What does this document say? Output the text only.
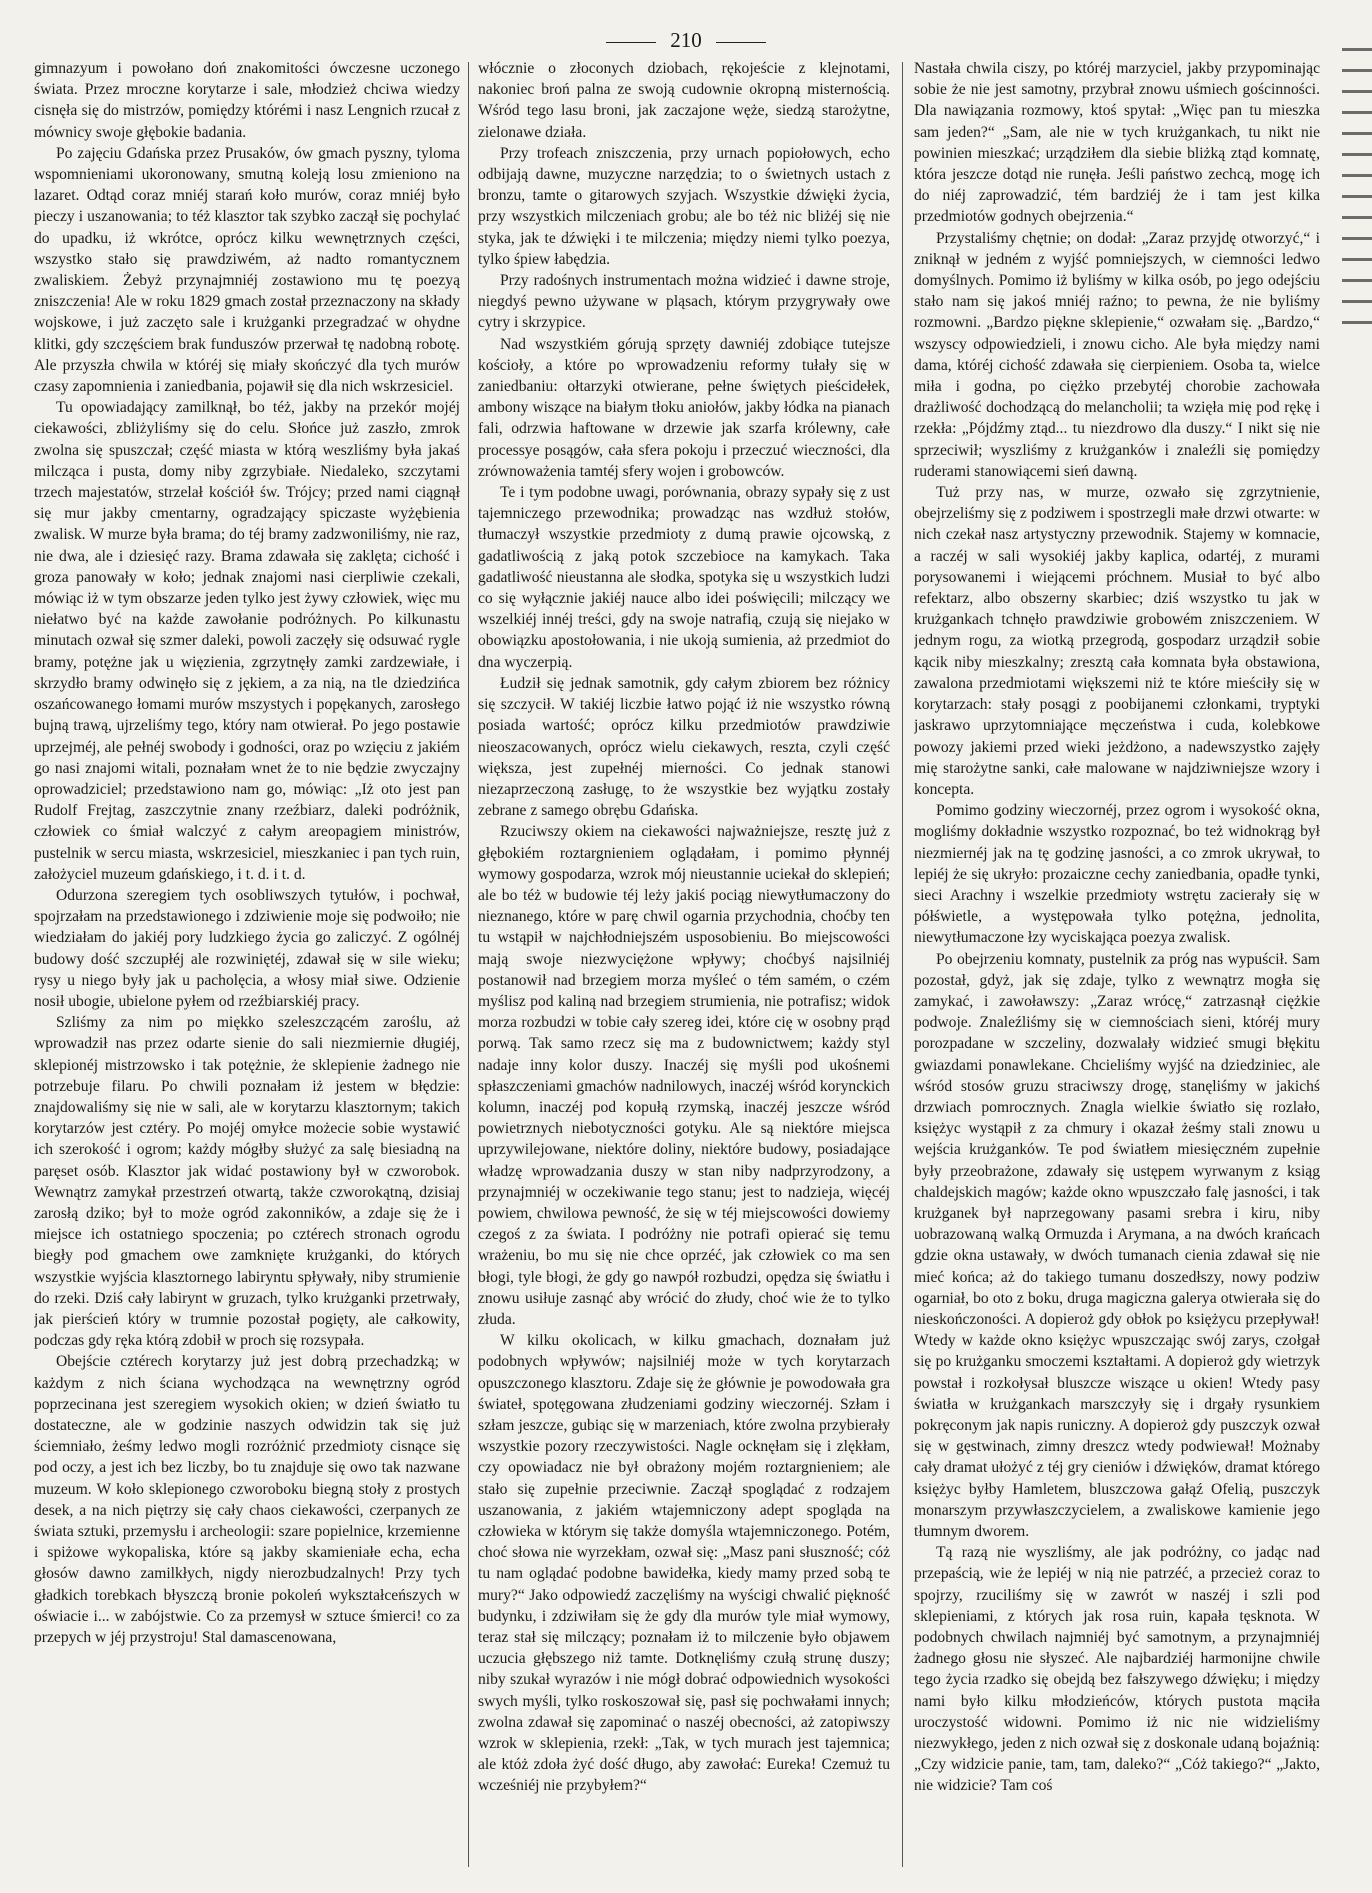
210

gimnazyum i powołano doń znakomitości ówczesne uczonego świata. Przez mroczne korytarze i sale, młodzież chciwa wiedzy cisnęła się do mistrzów, pomiędzy którémi i nasz Lengnich rzucał z mównicy swoje głębokie badania.

Po zajęciu Gdańska przez Prusaków, ów gmach pyszny, tyloma wspomnieniami ukoronowany, smutną koleją losu zmieniono na lazaret. Odtąd coraz mniéj starań koło murów, coraz mniéj było pieczy i uszanowania; to téż klasztor tak szybko zaczął się pochylać do upadku, iż wkrótce, oprócz kilku wewnętrznych części, wszystko stało się prawdziwém, aż nadto romantycznem zwaliskiem. Żebyż przynajmniéj zostawiono mu tę poezyą zniszczenia! Ale w roku 1829 gmach został przeznaczony na składy wojskowe, i już zaczęto sale i krużganki przegradzać w ohydne klitki, gdy szczęściem brak funduszów przerwał tę nadobną robotę. Ale przyszła chwila w któréj się miały skończyć dla tych murów czasy zapomnienia i zaniedbania, pojawił się dla nich wskrzesiciel.

Tu opowiadający zamilknął, bo téż, jakby na przekór mojéj ciekawości, zbliżyliśmy się do celu. Słońce już zaszło, zmrok zwolna się spuszczał; część miasta w którą weszliśmy była jakaś milcząca i pusta, domy niby zgrzybiałe. Niedaleko, szczytami trzech majestatów, strzelał kościół św. Trójcy; przed nami ciągnął się mur jakby cmentarny, ogradzający spiczaste wyżębienia zwalisk. W murze była brama; do téj bramy zadzwoniliśmy, nie raz, nie dwa, ale i dziesięć razy. Brama zdawała się zaklęta; cichość i groza panowały w koło; jednak znajomi nasi cierpliwie czekali, mówiąc iż w tym obszarze jeden tylko jest żywy człowiek, więc mu niełatwo być na każde zawołanie podróżnych. Po kilkunastu minutach ozwał się szmer daleki, powoli zaczęły się odsuwać rygle bramy, potężne jak u więzienia, zgrzytnęły zamki zardzewiałe, i skrzydło bramy odwinęło się z jękiem, a za nią, na tle dziedzińca oszańcowanego łomami murów mszystych i popękanych, zarosłego bujną trawą, ujrzeliśmy tego, który nam otwierał. Po jego postawie uprzejméj, ale pełnéj swobody i godności, oraz po wzięciu z jakiém go nasi znajomi witali, poznałam wnet że to nie będzie zwyczajny oprowadziciel; przedstawiono nam go, mówiąc: „Iż oto jest pan Rudolf Frejtag, zaszczytnie znany rzeźbiarz, daleki podróżnik, człowiek co śmiał walczyć z całym areopagiem ministrów, pustelnik w sercu miasta, wskrzesiciel, mieszkaniec i pan tych ruin, założyciel muzeum gdańskiego, i t. d. i t. d.

Odurzona szeregiem tych osobliwszych tytułów, i pochwał, spojrzałam na przedstawionego i zdziwienie moje się podwoiło; nie wiedziałam do jakiéj pory ludzkiego życia go zaliczyć. Z ogólnéj budowy dość szczupłéj ale rozwiniętéj, zdawał się w sile wieku; rysy u niego były jak u pacholęcia, a włosy miał siwe. Odzienie nosił ubogie, ubielone pyłem od rzeźbiarskiéj pracy.

Szliśmy za nim po miękko szeleszczącém zaroślu, aż wprowadził nas przez odarte sienie do sali niezmiernie długiéj, sklepionéj mistrzowsko i tak potężnie, że sklepienie żadnego nie potrzebuje filaru. Po chwili poznałam iż jestem w błędzie: znajdowaliśmy się nie w sali, ale w korytarzu klasztornym; takich korytarzów jest cztéry. Po mojéj omyłce możecie sobie wystawić ich szerokość i ogrom; każdy mógłby służyć za salę biesiadną na paręset osób. Klasztor jak widać postawiony był w czworobok. Wewnątrz zamykał przestrzeń otwartą, także czworokątną, dzisiaj zarosłą dziko; był to może ogród zakonników, a zdaje się że i miejsce ich ostatniego spoczenia; po cztérech stronach ogrodu biegły pod gmachem owe zamknięte krużganki, do których wszystkie wyjścia klasztornego labiryntu spływały, niby strumienie do rzeki. Dziś cały labirynt w gruzach, tylko krużganki przetrwały, jak pierścień który w trumnie pozostał pogięty, ale całkowity, podczas gdy ręka którą zdobił w proch się rozsypała.

Obejście cztérech korytarzy już jest dobrą przechadzką; w każdym z nich ściana wychodząca na wewnętrzny ogród poprzecinana jest szeregiem wysokich okien; w dzień światło tu dostateczne, ale w godzinie naszych odwidzin tak się już ściemniało, żeśmy ledwo mogli rozróżnić przedmioty cisnące się pod oczy, a jest ich bez liczby, bo tu znajduje się owo tak nazwane muzeum. W koło sklepionego czworoboku biegną stoły z prostych desek, a na nich piętrzy się cały chaos ciekawości, czerpanych ze świata sztuki, przemysłu i archeologii: szare popielnice, krzemienne i spiżowe wykopaliska, które są jakby skamieniałe echa, echa głosów dawno zamilkłych, nigdy nierozbudzalnych! Przy tych gładkich torebkach błyszczą bronie pokoleń wykształceńszych w oświacie i... w zabójstwie. Co za przemysł w sztuce śmierci! co za przepych w jéj przystroju! Stal damascenowana,

włócznie o złoconych dziobach, rękojeście z klejnotami, nakoniec broń palna ze swoją cudownie okropną misternością. Wśród tego lasu broni, jak zaczajone węże, siedzą starożytne, zielonawe działa.

Przy trofeach zniszczenia, przy urnach popiołowych, echo odbijają dawne, muzyczne narzędzia; to o świetnych ustach z bronzu, tamte o gitarowych szyjach. Wszystkie dźwięki życia, przy wszystkich milczeniach grobu; ale bo téż nic bliżéj się nie styka, jak te dźwięki i te milczenia; między niemi tylko poezya, tylko śpiew łabędzia.

Przy radośnych instrumentach można widzieć i dawne stroje, niegdyś pewno używane w pląsach, którym przygrywały owe cytry i skrzypice.

Nad wszystkiém górują sprzęty dawniéj zdobiące tutejsze kościoły, a które po wprowadzeniu reformy tułały się w zaniedbaniu: ołtarzyki otwierane, pełne świętych pieścidełek, ambony wiszące na białym tłoku aniołów, jakby łódka na pianach fali, odrzwia haftowane w drzewie jak szarfa królewny, całe processye posągów, cała sfera pokoju i przeczuć wieczności, dla zrównoważenia tamtéj sfery wojen i grobowców.

Te i tym podobne uwagi, porównania, obrazy sypały się z ust tajemniczego przewodnika; prowadząc nas wzdłuż stołów, tłumaczył wszystkie przedmioty z dumą prawie ojcowską, z gadatliwością z jaką potok szczebioce na kamykach. Taka gadatliwość nieustanna ale słodka, spotyka się u wszystkich ludzi co się wyłącznie jakiéj nauce albo idei poświęcili; milczący we wszelkiéj innéj treści, gdy na swoje natrafią, czują się niejako w obowiązku apostołowania, i nie ukoją sumienia, aż przedmiot do dna wyczerpią.

Łudził się jednak samotnik, gdy całym zbiorem bez różnicy się szczycił. W takiéj liczbie łatwo pojąć iż nie wszystko równą posiada wartość; oprócz kilku przedmiotów prawdziwie nieoszacowanych, oprócz wielu ciekawych, reszta, czyli część większa, jest zupełnéj mierności. Co jednak stanowi niezaprzeczoną zasługę, to że wszystkie bez wyjątku zostały zebrane z samego obrębu Gdańska.

Rzuciwszy okiem na ciekawości najważniejsze, resztę już z głębokiém roztargnieniem oglądałam, i pomimo płynnéj wymowy gospodarza, wzrok mój nieustannie uciekał do sklepień; ale bo téż w budowie téj leży jakiś pociąg niewytłumaczony do nieznanego, które w parę chwil ogarnia przychodnia, choćby ten tu wstąpił w najchłodniejszém usposobieniu. Bo miejscowości mają swoje niezwyciężone wpływy; choćbyś najsilniéj postanowił nad brzegiem morza myśleć o tém samém, o czém myślisz pod kaliną nad brzegiem strumienia, nie potrafisz; widok morza rozbudzi w tobie cały szereg idei, które cię w osobny prąd porwą. Tak samo rzecz się ma z budownictwem; każdy styl nadaje inny kolor duszy. Inaczéj się myśli pod ukośnemi spłaszczeniami gmachów nadnilowych, inaczéj wśród korynckich kolumn, inaczéj pod kopułą rzymską, inaczéj jeszcze wśród powietrznych niebotyczności gotyku. Ale są niektóre miejsca uprzywilejowane, niektóre doliny, niektóre budowy, posiadające władzę wprowadzania duszy w stan niby nadprzyrodzony, a przynajmniéj w oczekiwanie tego stanu; jest to nadzieja, więcéj powiem, chwilowa pewność, że się w téj miejscowości dowiemy czegoś z za świata. I podróżny nie potrafi opierać się temu wrażeniu, bo mu się nie chce oprzéć, jak człowiek co ma sen błogi, tyle błogi, że gdy go nawpół rozbudzi, opędza się światłu i znowu usiłuje zasnąć aby wrócić do złudy, choć wie że to tylko złuda.

W kilku okolicach, w kilku gmachach, doznałam już podobnych wpływów; najsilniéj może w tych korytarzach opuszczonego klasztoru. Zdaje się że głównie je powodowała gra świateł, spotęgowana złudzeniami godziny wieczornéj. Szłam i szłam jeszcze, gubiąc się w marzeniach, które zwolna przybierały wszystkie pozory rzeczywistości. Nagle ocknęłam się i zlękłam, czy opowiadacz nie był obrażony mojém roztargnieniem; ale stało się zupełnie przeciwnie. Zaczął spoglądać z rodzajem uszanowania, z jakiém wtajemniczony adept spogląda na człowieka w którym się także domyśla wtajemniczonego. Potém, choć słowa nie wyrzekłam, ozwał się: „Masz pani słuszność; cóż tu nam oglądać podobne bawidełka, kiedy mamy przed sobą te mury?“ Jako odpowiedź zaczęliśmy na wyścigi chwalić piękność budynku, i zdziwiłam się że gdy dla murów tyle miał wymowy, teraz stał się milczący; poznałam iż to milczenie było objawem uczucia głębszego niż tamte. Dotknęliśmy czułą strunę duszy; niby szukał wyrazów i nie mógł dobrać odpowiednich wysokości swych myśli, tylko roskoszował się, pasł się pochwałami innych; zwolna zdawał się zapominać o naszéj obecności, aż zatopiwszy wzrok w sklepienia, rzekł: „Tak, w tych murach jest tajemnica; ale któż zdoła żyć dość długo, aby zawołać: Eureka! Czemuż tu wcześniéj nie przybyłem?“

Nastała chwila ciszy, po któréj marzyciel, jakby przypominając sobie że nie jest samotny, przybrał znowu uśmiech gościnności. Dla nawiązania rozmowy, ktoś spytał: „Więc pan tu mieszka sam jeden?“ „Sam, ale nie w tych krużgankach, tu nikt nie powinien mieszkać; urządziłem dla siebie bliżką ztąd komnatę, która jeszcze dotąd nie runęła. Jeśli państwo zechcą, mogę ich do niéj zaprowadzić, tém bardziéj że i tam jest kilka przedmiotów godnych obejrzenia.“

Przystaliśmy chętnie; on dodał: „Zaraz przyjdę otworzyć,“ i zniknął w jedném z wyjść pomniejszych, w ciemności ledwo domyślnych. Pomimo iż byliśmy w kilka osób, po jego odejściu stało nam się jakoś mniéj raźno; to pewna, że nie byliśmy rozmowni. „Bardzo piękne sklepienie,“ ozwałam się. „Bardzo,“ wszyscy odpowiedzieli, i znowu cicho. Ale była między nami dama, któréj cichość zdawała się cierpieniem. Osoba ta, wielce miła i godna, po ciężko przebytéj chorobie zachowała drażliwość dochodzącą do melancholii; ta wzięła mię pod rękę i rzekła: „Pójdźmy ztąd... tu niezdrowo dla duszy.“ I nikt się nie sprzeciwił; wyszliśmy z krużganków i znaleźli się pomiędzy ruderami stanowiącemi sień dawną.

Tuż przy nas, w murze, ozwało się zgrzytnienie, obejrzeliśmy się z podziwem i spostrzegli małe drzwi otwarte: w nich czekał nasz artystyczny przewodnik. Stajemy w komnacie, a raczéj w sali wysokiéj jakby kaplica, odartéj, z murami porysowanemi i wiejącemi próchnem. Musiał to być albo refektarz, albo obszerny skarbiec; dziś wszystko tu jak w krużgankach tchnęło prawdziwie grobowém zniszczeniem. W jednym rogu, za wiotką przegrodą, gospodarz urządził sobie kącik niby mieszkalny; zresztą cała komnata była obstawiona, zawalona przedmiotami większemi niż te które mieściły się w korytarzach: stały posągi z poobijanemi członkami, tryptyki jaskrawo uprzytomniające męczeństwa i cuda, kolebkowe powozy jakiemi przed wieki jeżdżono, a nadewszystko zajęły mię starożytne sanki, całe malowane w najdziwniejsze wzory i koncepta.

Pomimo godziny wieczornéj, przez ogrom i wysokość okna, mogliśmy dokładnie wszystko rozpoznać, bo też widnokrąg był niezmiernéj jak na tę godzinę jasności, a co zmrok ukrywał, to lepiéj że się ukryło: prozaiczne cechy zaniedbania, opadłe tynki, sieci Arachny i wszelkie przedmioty wstrętu zacierały się w półświetle, a występowała tylko potężna, jednolita, niewytłumaczone łzy wyciskająca poezya zwalisk.

Po obejrzeniu komnaty, pustelnik za próg nas wypuścił. Sam pozostał, gdyż, jak się zdaje, tylko z wewnątrz mogła się zamykać, i zawoławszy: „Zaraz wrócę,“ zatrzasnął ciężkie podwoje. Znaleźliśmy się w ciemnościach sieni, któréj mury porozpadane w szczeliny, dozwalały widzieć smugi błękitu gwiazdami ponawlekane. Chcieliśmy wyjść na dziedziniec, ale wśród stosów gruzu straciwszy drogę, stanęliśmy w jakichś drzwiach pomrocznych. Znagla wielkie światło się rozlało, księżyc wystąpił z za chmury i okazał żeśmy stali znowu u wejścia krużganków. Te pod światłem miesięczném zupełnie były przeobrażone, zdawały się ustępem wyrwanym z ksiąg chaldejskich magów; każde okno wpuszczało falę jasności, i tak krużganek był naprzegowany pasami srebra i kiru, niby uobrazowaną walką Ormuzda i Arymana, a na dwóch krańcach gdzie okna ustawały, w dwóch tumanach cienia zdawał się nie mieć końca; aż do takiego tumanu doszedłszy, nowy podziw ogarniał, bo oto z boku, druga magiczna galerya otwierała się do nieskończoności. A dopieroż gdy obłok po księżycu przepływał! Wtedy w każde okno księżyc wpuszczając swój zarys, czołgał się po krużganku smoczemi kształtami. A dopieroż gdy wietrzyk powstał i rozkołysał bluszcze wiszące u okien! Wtedy pasy światła w krużgankach marszczyły się i drgały rysunkiem pokręconym jak napis runiczny. A dopieroż gdy puszczyk ozwał się w gęstwinach, zimny dreszcz wtedy podwiewał! Możnaby cały dramat ułożyć z téj gry cieniów i dźwięków, dramat którego księżyc byłby Hamletem, bluszczowa gałąź Ofelią, puszczyk monarszym przywłaszczycielem, a zwaliskowe kamienie jego tłumnym dworem.

Tą razą nie wyszliśmy, ale jak podróżny, co jadąc nad przepaścią, wie że lepiéj w nią nie patrzéć, a przecież coraz to spojrzy, rzuciliśmy się w zawrót w naszéj i szli pod sklepieniami, z których jak rosa ruin, kapała tęsknota. W podobnych chwilach najmniéj być samotnym, a przynajmniéj żadnego głosu nie słyszeć. Ale najbardziéj harmonijne chwile tego życia rzadko się obejdą bez fałszywego dźwięku; i między nami było kilku młodzieńców, których pustota mąciła uroczystość widowni. Pomimo iż nic nie widzieliśmy niezwykłego, jeden z nich ozwał się z doskonale udaną bojaźnią: „Czy widzicie panie, tam, tam, daleko?“ „Cóż takiego?“ „Jakto, nie widzicie? Tam coś
